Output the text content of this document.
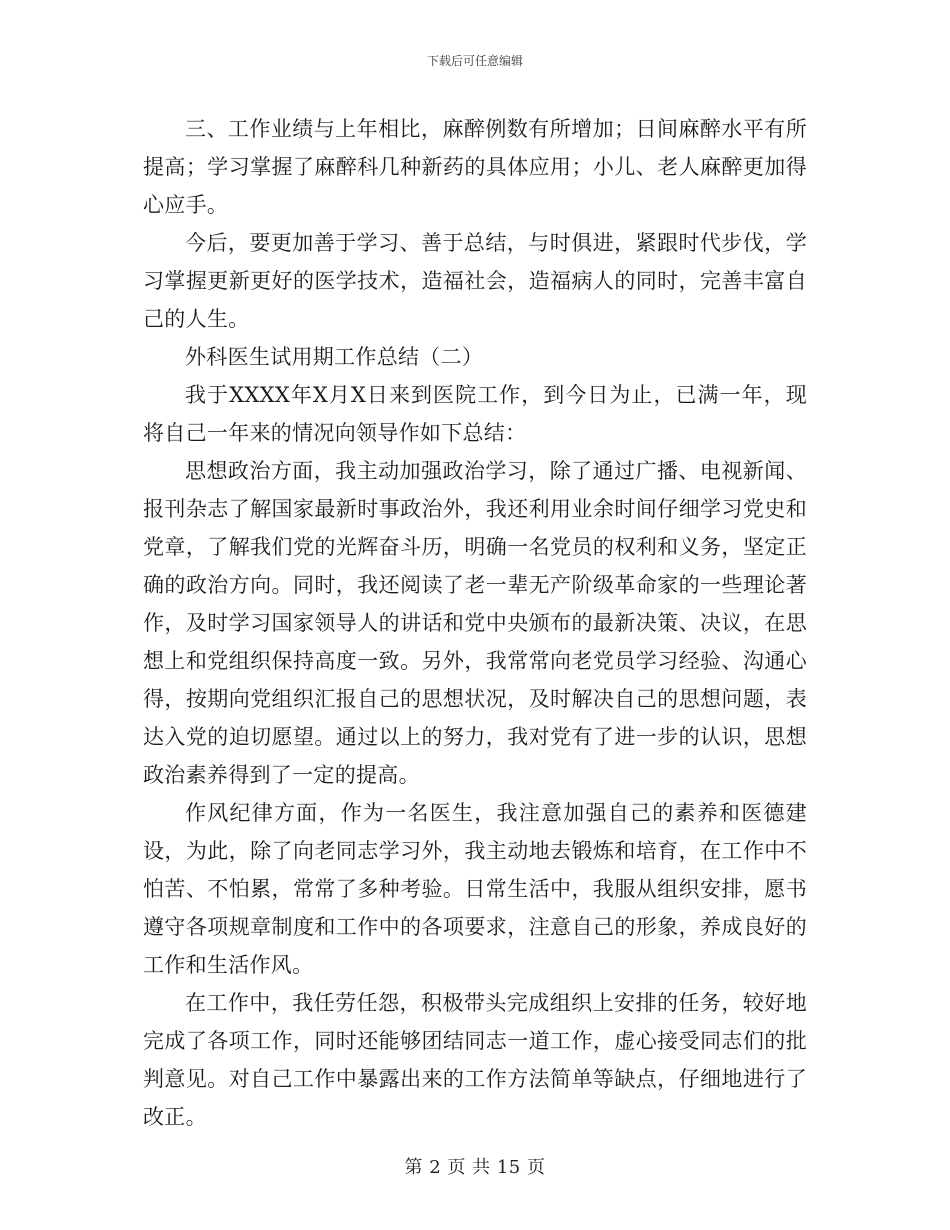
下载后可任意编辑

三、工作业绩与上年相比，麻醉例数有所增加；日间麻醉水平有所提高；学习掌握了麻醉科几种新药的具体应用；小儿、老人麻醉更加得心应手。

今后，要更加善于学习、善于总结，与时俱进，紧跟时代步伐，学习掌握更新更好的医学技术，造福社会，造福病人的同时，完善丰富自己的人生。

外科医生试用期工作总结（二）

我于XXXX年X月X日来到医院工作，到今日为止，已满一年，现将自己一年来的情况向领导作如下总结：

思想政治方面，我主动加强政治学习，除了通过广播、电视新闻、报刊杂志了解国家最新时事政治外，我还利用业余时间仔细学习党史和党章，了解我们党的光辉奋斗历，明确一名党员的权利和义务，坚定正确的政治方向。同时，我还阅读了老一辈无产阶级革命家的一些理论著作，及时学习国家领导人的讲话和党中央颁布的最新决策、决议，在思想上和党组织保持高度一致。另外，我常常向老党员学习经验、沟通心得，按期向党组织汇报自己的思想状况，及时解决自己的思想问题，表达入党的迫切愿望。通过以上的努力，我对党有了进一步的认识，思想政治素养得到了一定的提高。

作风纪律方面，作为一名医生，我注意加强自己的素养和医德建设，为此，除了向老同志学习外，我主动地去锻炼和培育，在工作中不怕苦、不怕累，常常了多种考验。日常生活中，我服从组织安排，愿书遵守各项规章制度和工作中的各项要求，注意自己的形象，养成良好的工作和生活作风。

在工作中，我任劳任怨，积极带头完成组织上安排的任务，较好地完成了各项工作，同时还能够团结同志一道工作，虚心接受同志们的批判意见。对自己工作中暴露出来的工作方法简单等缺点，仔细地进行了改正。

第 2 页 共 15 页
